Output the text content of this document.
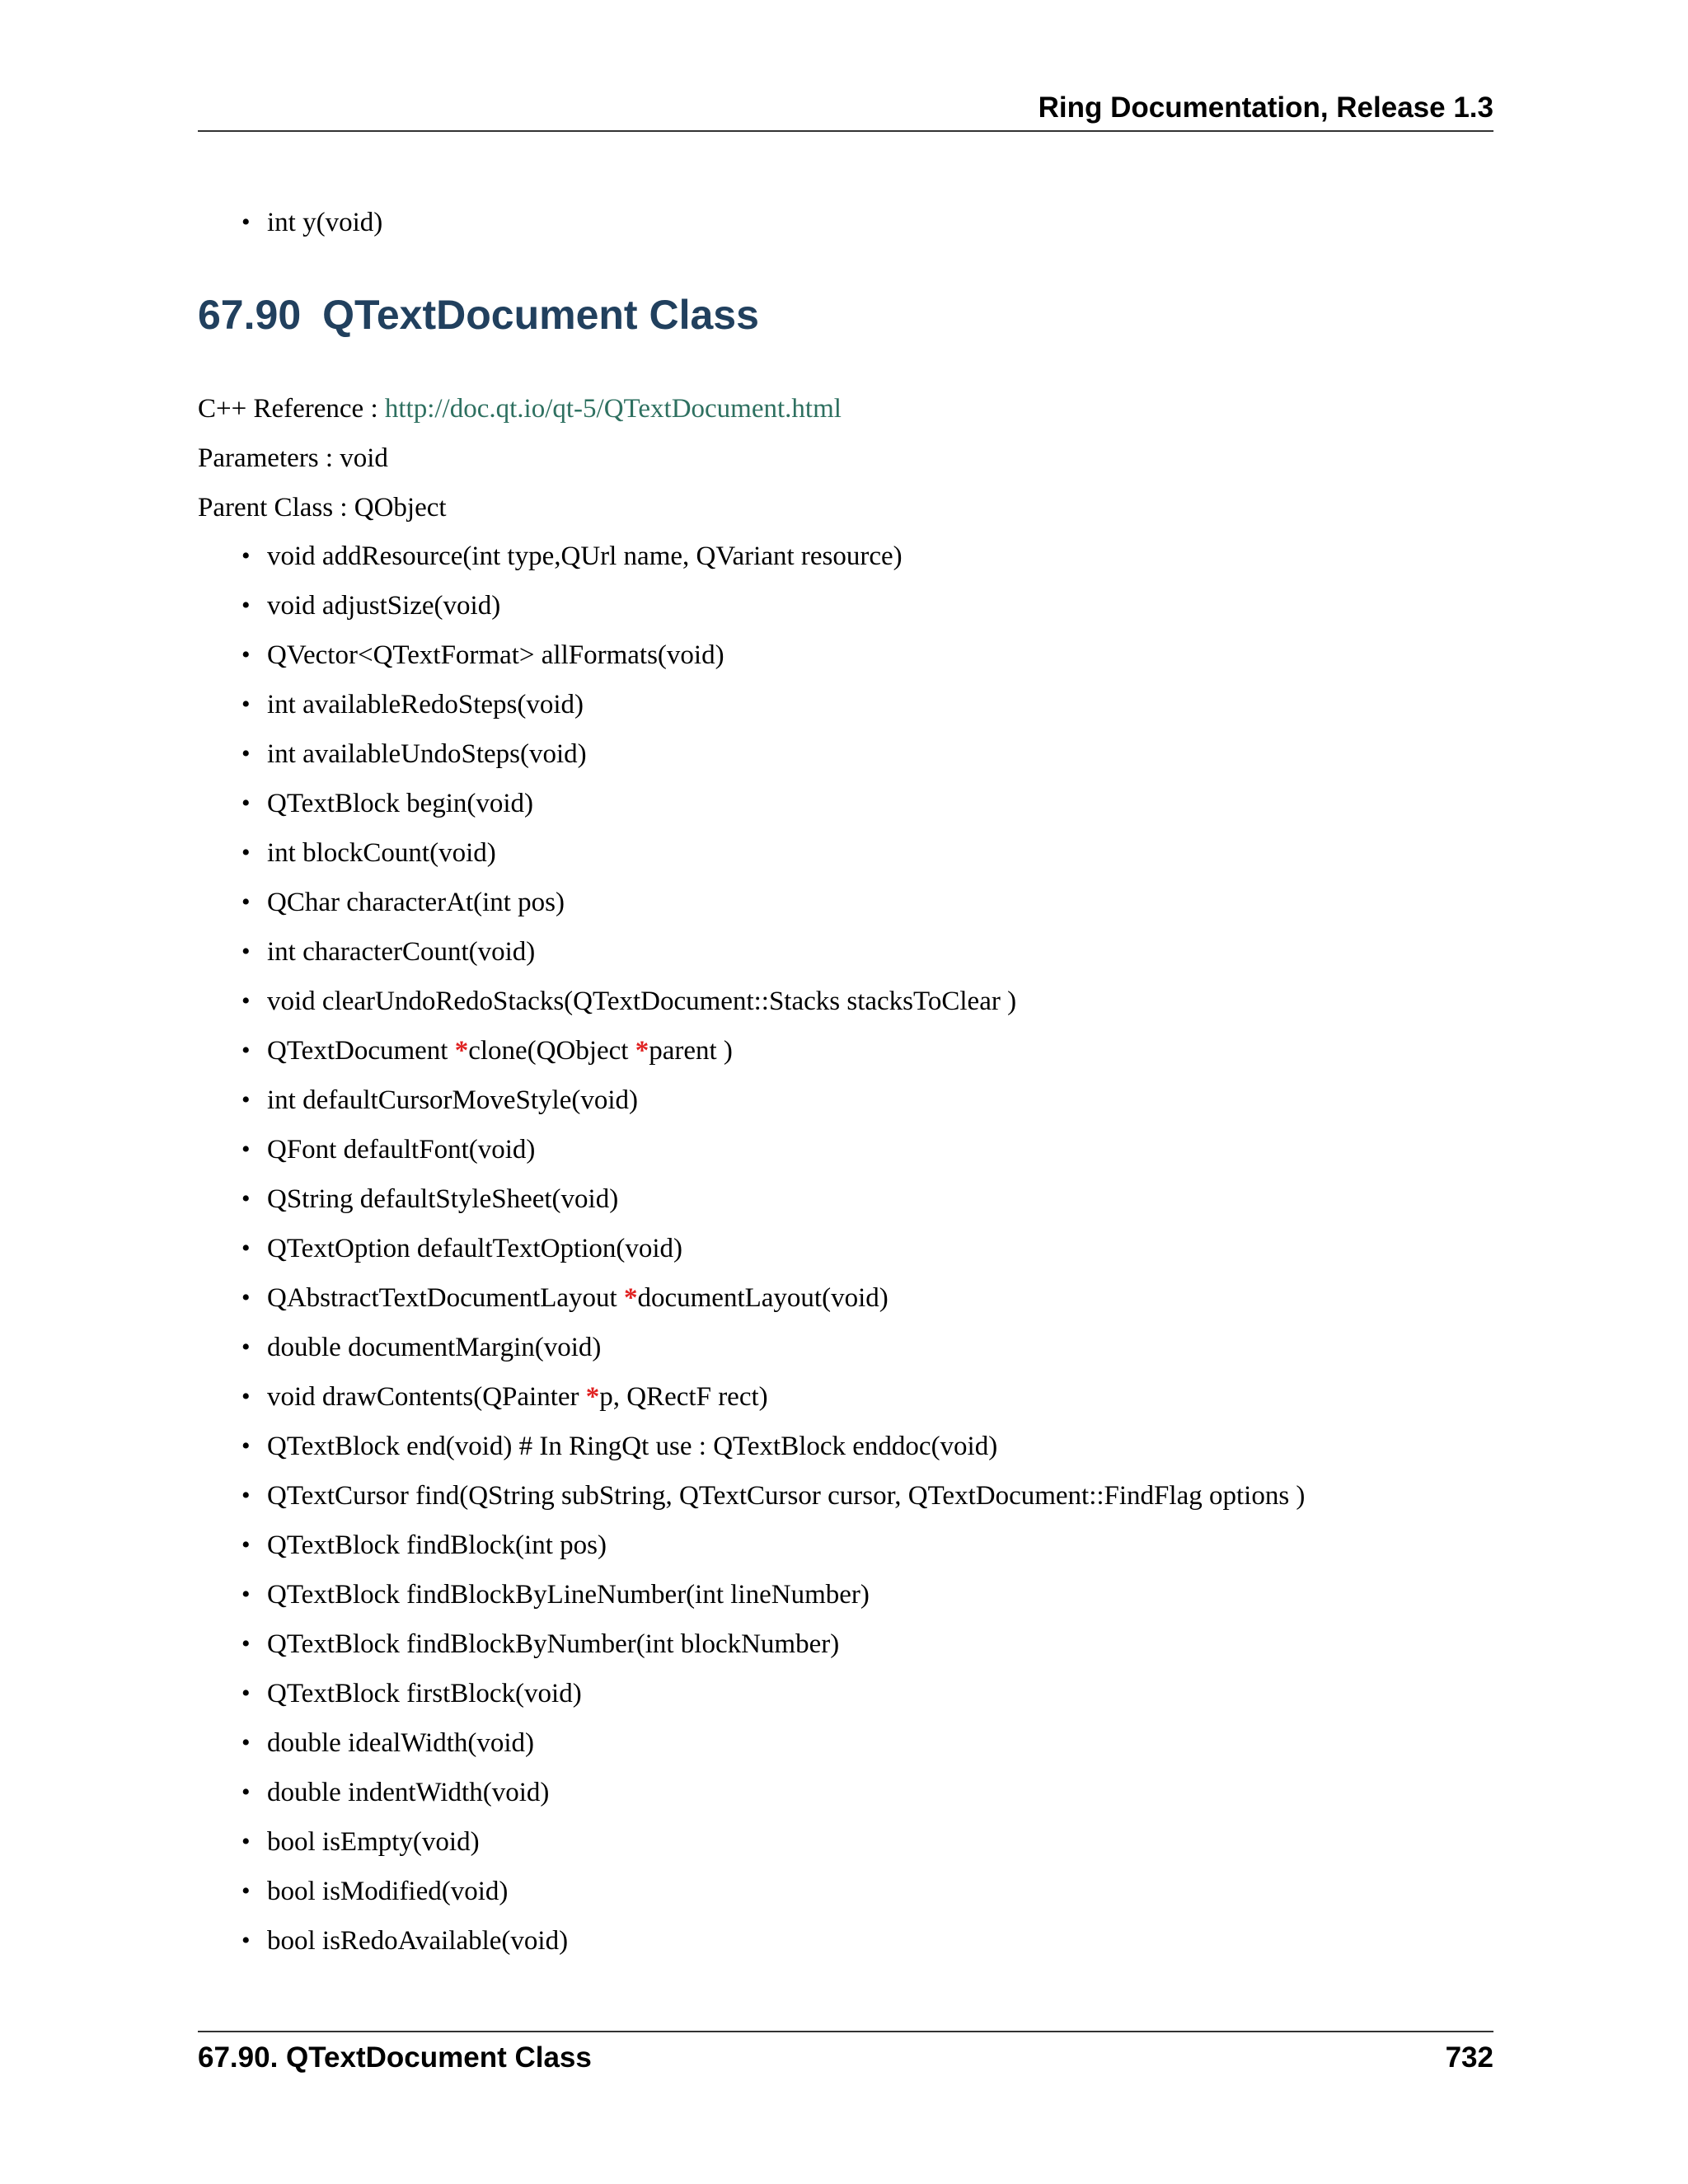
Ring Documentation, Release 1.3
• int y(void)
67.90 QTextDocument Class

C++ Reference : http://doc.qt.io/qt-5/QTextDocument.html

Parameters : void

Parent Class : QObject

• void addResource(int type,QUrl name, QVariant resource)
• void adjustSize(void)
• QVector<QTextFormat> allFormats(void)
• int availableRedoSteps(void)
• int availableUndoSteps(void)
• QTextBlock begin(void)
• int blockCount(void)
• QChar characterAt(int pos)
• int characterCount(void)
• void clearUndoRedoStacks(QTextDocument::Stacks stacksToClear )
• QTextDocument *clone(QObject *parent )
• int defaultCursorMoveStyle(void)
• QFont defaultFont(void)
• QString defaultStyleSheet(void)
• QTextOption defaultTextOption(void)
• QAbstractTextDocumentLayout *documentLayout(void)
• double documentMargin(void)
• void drawContents(QPainter *p, QRectF rect)
• QTextBlock end(void) # In RingQt use : QTextBlock enddoc(void)
• QTextCursor find(QString subString, QTextCursor cursor, QTextDocument::FindFlag options )
• QTextBlock findBlock(int pos)
• QTextBlock findBlockByLineNumber(int lineNumber)
• QTextBlock findBlockByNumber(int blockNumber)
• QTextBlock firstBlock(void)
• double idealWidth(void)
• double indentWidth(void)
• bool isEmpty(void)
• bool isModified(void)
• bool isRedoAvailable(void)
67.90. QTextDocument Class	732
